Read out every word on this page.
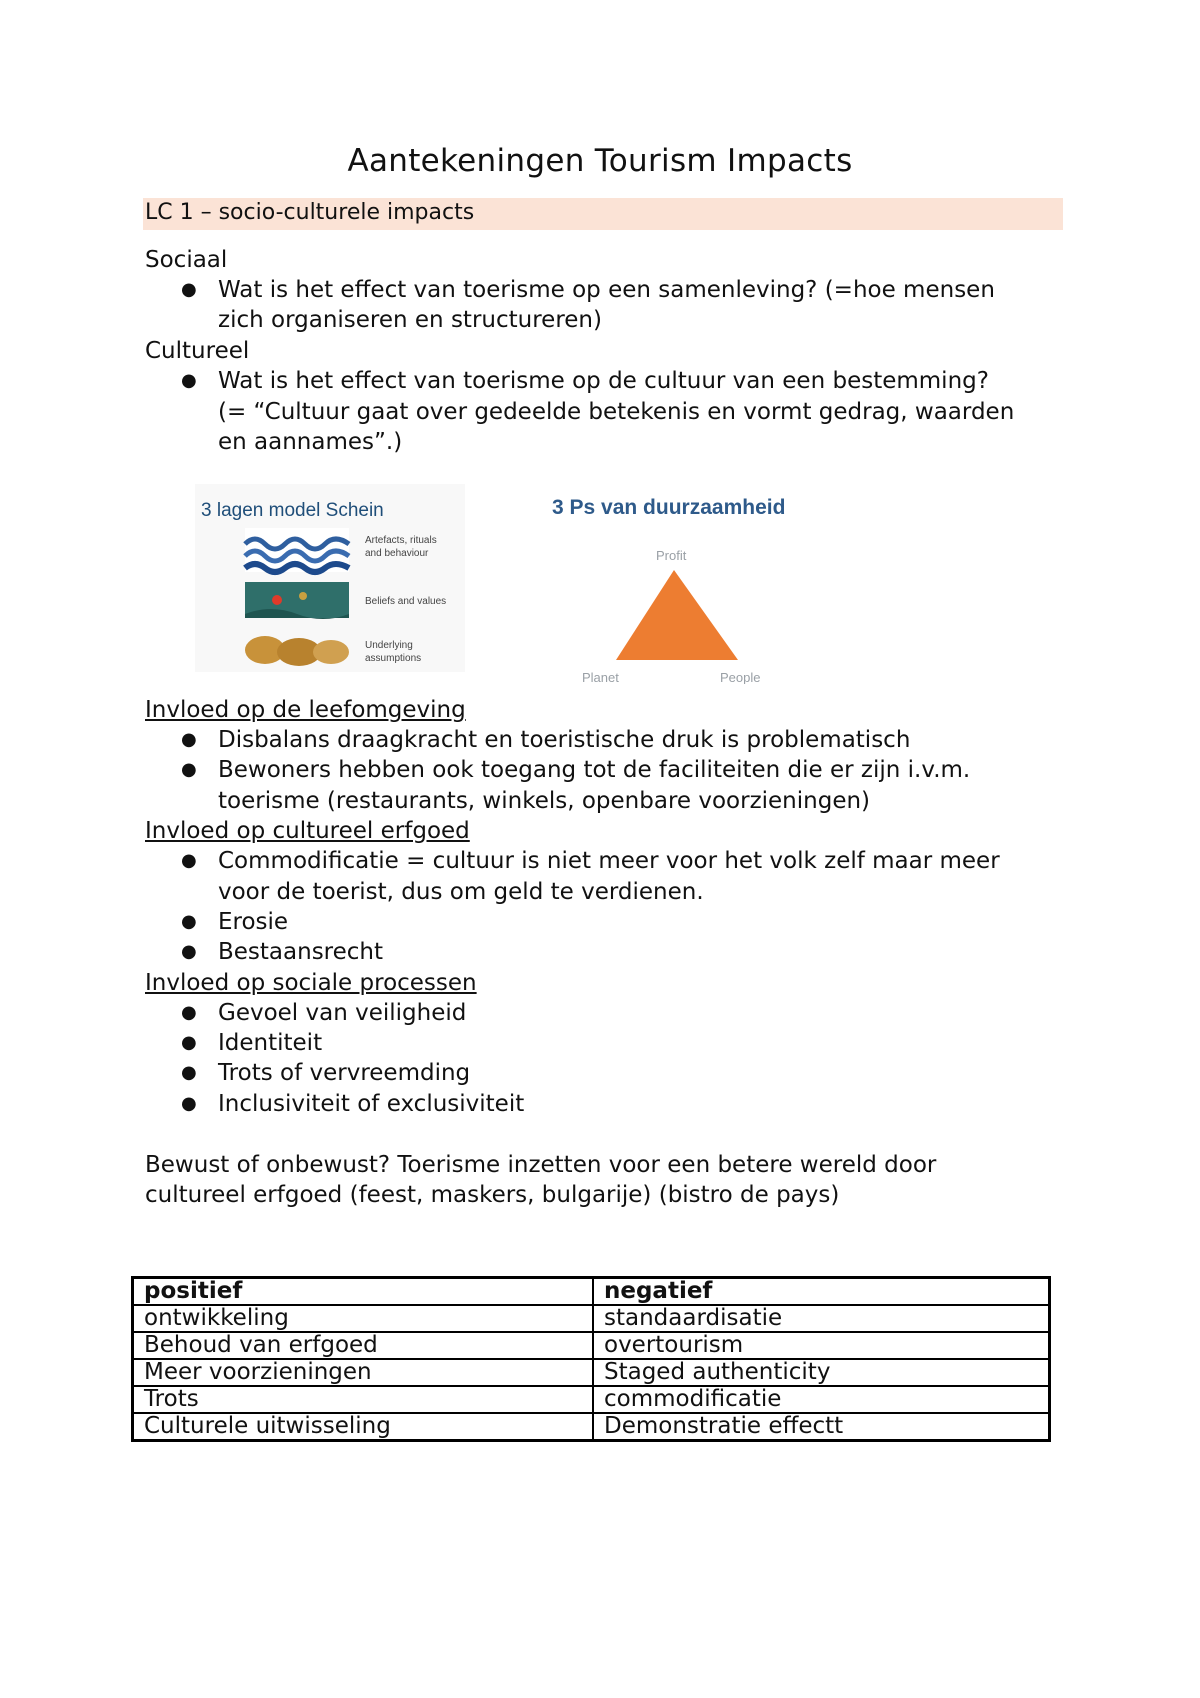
Aantekeningen Tourism Impacts
LC 1 – socio-culturele impacts
Sociaal
● Wat is het effect van toerisme op een samenleving? (=hoe mensen
zich organiseren en structureren)
Cultureel
● Wat is het effect van toerisme op de cultuur van een bestemming?
(= “Cultuur gaat over gedeelde betekenis en vormt gedrag, waarden
en aannames”.)
3 lagen model Schein
Artefacts, rituals
and behaviour
Beliefs and values
Underlying
assumptions
3 Ps van duurzaamheid
Profit
Planet	People
Invloed op de leefomgeving
● Disbalans draagkracht en toeristische druk is problematisch
● Bewoners hebben ook toegang tot de faciliteiten die er zijn i.v.m.
toerisme (restaurants, winkels, openbare voorzieningen)
Invloed op cultureel erfgoed
● Commodificatie = cultuur is niet meer voor het volk zelf maar meer
voor de toerist, dus om geld te verdienen.
● Erosie
● Bestaansrecht
Invloed op sociale processen
● Gevoel van veiligheid
● Identiteit
● Trots of vervreemding
● Inclusiviteit of exclusiviteit
Bewust of onbewust? Toerisme inzetten voor een betere wereld door
cultureel erfgoed (feest, maskers, bulgarije) (bistro de pays)
positief	negatief
ontwikkeling	standaardisatie
Behoud van erfgoed	overtourism
Meer voorzieningen	Staged authenticity
Trots	commodificatie
Culturele uitwisseling	Demonstratie effectt
